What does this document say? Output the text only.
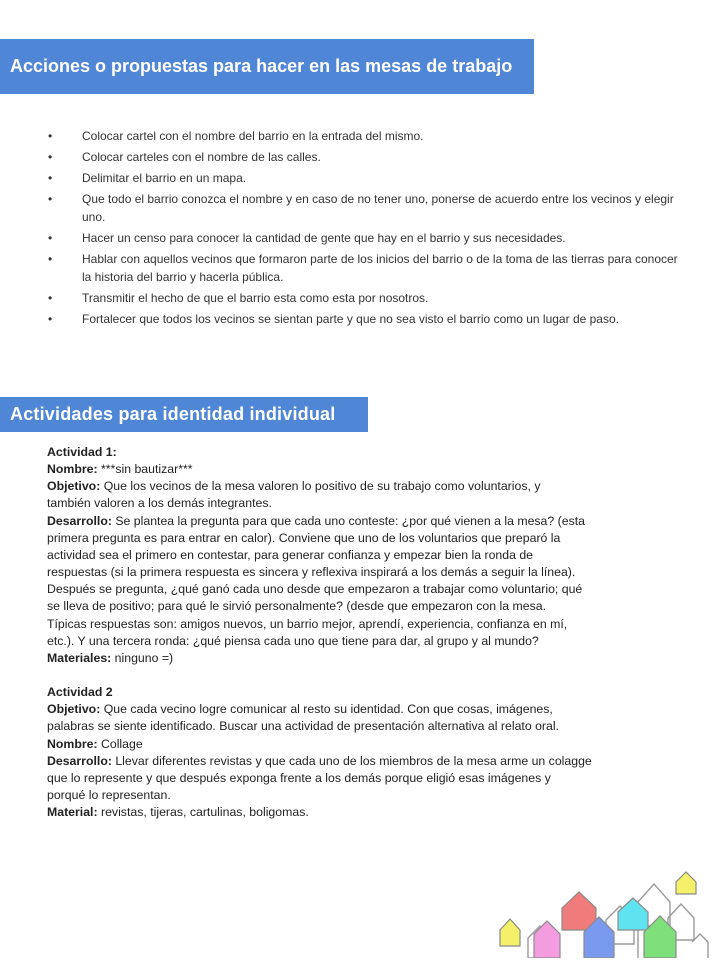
Acciones o propuestas para hacer en las mesas de trabajo
• Colocar cartel con el nombre del barrio en la entrada del mismo.
• Colocar carteles con el nombre de las calles.
• Delimitar el barrio en un mapa.
• Que todo el barrio conozca el nombre y en caso de no tener uno, ponerse de acuerdo entre los vecinos y elegir uno.
• Hacer un censo para conocer la cantidad de gente que hay en el barrio y sus necesidades.
• Hablar con aquellos vecinos que formaron parte de los inicios del barrio o de la toma de las tierras para conocer la historia del barrio y hacerla pública.
• Transmitir el hecho de que el barrio esta como esta por nosotros.
• Fortalecer que todos los vecinos se sientan parte y que no sea visto el barrio como un lugar de paso.
Actividades para identidad individual

Actividad 1:

Nombre: ***sin bautizar***

Objetivo: Que los vecinos de la mesa valoren lo positivo de su trabajo como voluntarios, y

también valoren a los demás integrantes.

Desarrollo: Se plantea la pregunta para que cada uno conteste: ¿por qué vienen a la mesa? (esta

primera pregunta es para entrar en calor). Conviene que uno de los voluntarios que preparó la

actividad sea el primero en contestar, para generar confianza y empezar bien la ronda de

respuestas (si la primera respuesta es sincera y reflexiva inspirará a los demás a seguir la línea).

Después se pregunta, ¿qué ganó cada uno desde que empezaron a trabajar como voluntario; qué

se lleva de positivo; para qué le sirvió personalmente? (desde que empezaron con la mesa.

Típicas respuestas son: amigos nuevos, un barrio mejor, aprendí, experiencia, confianza en mí,

etc.). Y una tercera ronda: ¿qué piensa cada uno que tiene para dar, al grupo y al mundo?

Materiales: ninguno =)

Actividad 2

Objetivo: Que cada vecino logre comunicar al resto su identidad. Con que cosas, imágenes,

palabras se siente identificado. Buscar una actividad de presentación alternativa al relato oral.

Nombre: Collage

Desarrollo: Llevar diferentes revistas y que cada uno de los miembros de la mesa arme un colagge

que lo represente y que después exponga frente a los demás porque eligió esas imágenes y

porqué lo representan.

Material: revistas, tijeras, cartulinas, boligomas.
